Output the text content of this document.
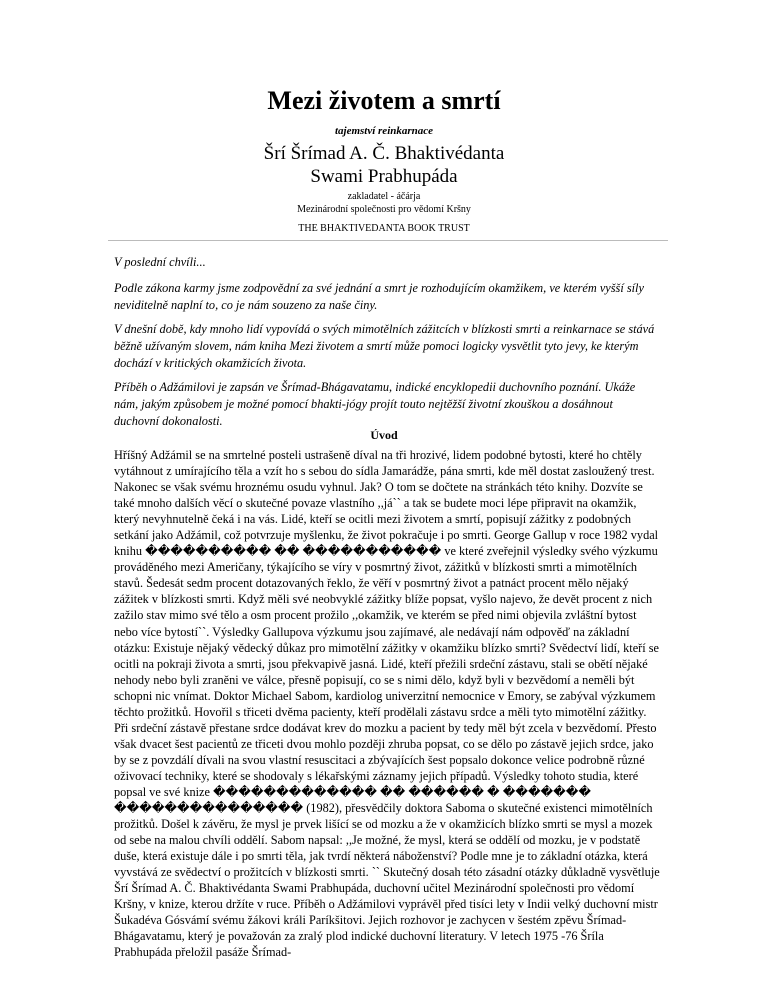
Mezi životem a smrtí
tajemství reinkarnace
Šrí Šrímad A. Č. Bhaktivédanta
Swami Prabhupáda
zakladatel - áčárja
Mezinárodní společnosti pro vědomí Kršny
THE BHAKTIVEDANTA BOOK TRUST
V poslední chvíli...
Podle zákona karmy jsme zodpovědní za své jednání a smrt je rozhodujícím okamžikem, ve kterém vyšší síly neviditelně naplní to, co je nám souzeno za naše činy.
V dnešní době, kdy mnoho lidí vypovídá o svých mimotělních zážitcích v blízkosti smrti a reinkarnace se stává běžně užívaným slovem, nám kniha Mezi životem a smrtí může pomoci logicky vysvětlit tyto jevy, ke kterým dochází v kritických okamžicích života.
Příběh o Adžámilovi je zapsán ve Šrímad-Bhágavatamu, indické encyklopedii duchovního poznání. Ukáže nám, jakým způsobem je možné pomocí bhakti-jógy projít touto nejtěžší životní zkouškou a dosáhnout duchovní dokonalosti.
Úvod
Hříšný Adžámil se na smrtelné posteli ustrašeně díval na tři hrozivé, lidem podobné bytosti, které ho chtěly vytáhnout z umírajícího těla a vzít ho s sebou do sídla Jamarádže, pána smrti, kde měl dostat zasloužený trest. Nakonec se však svému hroznému osudu vyhnul. Jak? O tom se dočtete na stránkách této knihy. Dozvíte se také mnoho dalších věcí o skutečné povaze vlastního ,,já`` a tak se budete moci lépe připravit na okamžik, který nevyhnutelně čeká i na vás. Lidé, kteří se ocitli mezi životem a smrtí, popisují zážitky z podobných setkání jako Adžámil, což potvrzuje myšlenku, že život pokračuje i po smrti. George Gallup v roce 1982 vydal knihu ���������� �� ����������� ve které zveřejnil výsledky svého výzkumu prováděného mezi Američany, týkajícího se víry v posmrtný život, zážitků v blízkosti smrti a mimotělních stavů. Šedesát sedm procent dotazovaných řeklo, že věří v posmrtný život a patnáct procent mělo nějaký zážitek v blízkosti smrti. Když měli své neobvyklé zážitky blíže popsat, vyšlo najevo, že devět procent z nich zažilo stav mimo své tělo a osm procent prožilo ,,okamžik, ve kterém se před nimi objevila zvláštní bytost nebo více bytostí``. Výsledky Gallupova výzkumu jsou zajímavé, ale nedávají nám odpověď na základní otázku: Existuje nějaký vědecký důkaz pro mimotělní zážitky v okamžiku blízko smrti? Svědectví lidí, kteří se ocitli na pokraji života a smrti, jsou překvapivě jasná. Lidé, kteří přežili srdeční zástavu, stali se obětí nějaké nehody nebo byli zraněni ve válce, přesně popisují, co se s nimi dělo, když byli v bezvědomí a neměli být schopni nic vnímat. Doktor Michael Sabom, kardiolog univerzitní nemocnice v Emory, se zabýval výzkumem těchto prožitků. Hovořil s třiceti dvěma pacienty, kteří prodělali zástavu srdce a měli tyto mimotělní zážitky. Při srdeční zástavě přestane srdce dodávat krev do mozku a pacient by tedy měl být zcela v bezvědomí. Přesto však dvacet šest pacientů ze třiceti dvou mohlo později zhruba popsat, co se dělo po zástavě jejich srdce, jako by se z povzdálí dívali na svou vlastní resuscitaci a zbývajících šest popsalo dokonce velice podrobně různé oživovací techniky, které se shodovaly s lékařskými záznamy jejich případů. Výsledky tohoto studia, které popsal ve své knize ������������� �� ������ � ������� ��������������� (1982), přesvědčily doktora Saboma o skutečné existenci mimotělních prožitků. Došel k závěru, že mysl je prvek lišící se od mozku a že v okamžicích blízko smrti se mysl a mozek od sebe na malou chvíli oddělí. Sabom napsal: ,,Je možné, že mysl, která se oddělí od mozku, je v podstatě duše, která existuje dále i po smrti těla, jak tvrdí některá náboženství? Podle mne je to základní otázka, která vyvstává ze svědectví o prožitcích v blízkosti smrti. `` Skutečný dosah této zásadní otázky důkladně vysvětluje Šrí Šrímad A. Č. Bhaktivédanta Swami Prabhupáda, duchovní učitel Mezinárodní společnosti pro vědomí Kršny, v knize, kterou držíte v ruce. Příběh o Adžámilovi vyprávěl před tisíci lety v Indii velký duchovní mistr Šukadéva Gósvámí svému žákovi králi Paríkšitovi. Jejich rozhovor je zachycen v šestém zpěvu Šrímad-Bhágavatamu, který je považován za zralý plod indické duchovní literatury. V letech 1975 -76 Šríla Prabhupáda přeložil pasáže Šrímad-
